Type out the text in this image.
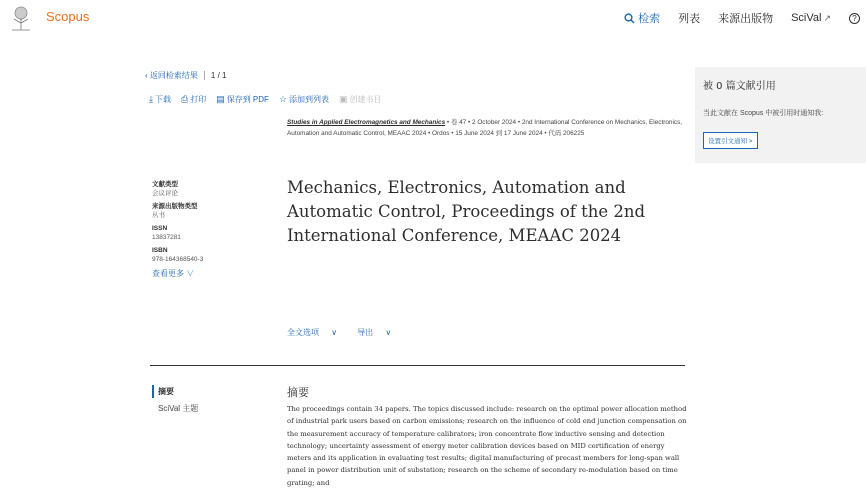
Scopus	检索 列表 来源出版物 SciVal ↗	?
‹ 返回检索结果 1 / 1
⤓ 下载 ⎙ 打印 ▤ 保存到 PDF ☆ 添加到列表 ▣ 创建书目
Studies in Applied Electromagnetics and Mechanics • 卷 47 • 2 October 2024 • 2nd International Conference on Mechanics, Electronics, Automation and Automatic Control, MEAAC 2024 • Ordos • 15 June 2024 到 17 June 2024 • 代码 206225
文献类型
会议评论
来源出版物类型
丛书
ISSN
13837281
ISBN
978-164368540-3
查看更多 ∨
Mechanics, Electronics, Automation and Automatic Control, Proceedings of the 2nd International Conference, MEAAC 2024
全文选项 ∨	导出 ∨
摘要
SciVal 主题
摘要
The proceedings contain 34 papers. The topics discussed include: research on the optimal power allocation method of industrial park users based on carbon emissions; research on the influence of cold end junction compensation on the measurement accuracy of temperature calibrators; iron concentrate flow inductive sensing and detection technology; uncertainty assessment of energy meter calibration devices based on MID certification of energy meters and its application in evaluating test results; digital manufacturing of precast members for long-span wall panel in power distribution unit of substation; research on the scheme of secondary re-modulation based on time grating; and
被 0 篇文献引用
当此文献在 Scopus 中被引用时通知我:
设置引文通知 >
